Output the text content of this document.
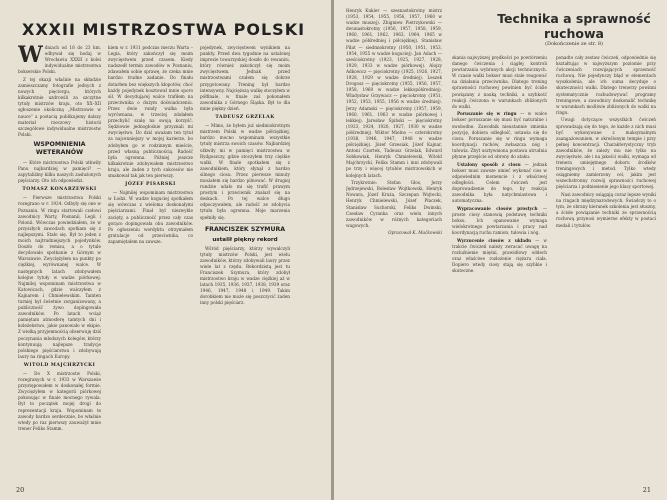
XXXII MISTRZOSTWA POLSKI

Wdniach od 18 do 23 km. odbywał się bodaj w Wrocławiu XXXII z kolei indywidualne mistrzostwa bokserskie Polski.

Z tej okazji właśnie na składzie zamieszczamy fotografie jednych z nowych pięciorgu, których kilkakrotnie uzdrowili za szczytne tytuły mistrzów kraju, oto XX–XII sgłoszenie okoliczną „Mistrzowie w nauce” a postacią publikujemy dalszy materiał rzeczowy historii szczegółowe indywidualne mistrzostw Polski.

WSPOMNIENIA WETERANÓW

— Które mistrzostwa Polski utkwiły Panu najbardziej w pamięci? — zapytaliśmy kilku naszych zasłużonych pięściarzy. Oto ich odpowiedzi.

TOMASZ KONARZEWSKI

— Pierwsze mistrzostwa Polski rozegrano w r. 1924. Odbyły się one w Poznaniu. W ringu startowali czołowi zawodnicy Warty, Posnanii, Legii i Polonii. Wówczas powiedziałem, że w przyszłych zawodach spotkam się z najlepszymi. Stało się. Był to jeden z moich najtrudniejszych pojedynków. Doszło do remisu, a o tytule decydowało spotkanie z Górnym w Warszawie. Zwyciężyłem na punkty po ciężkiej, wyrównanej walce. W następnych latach zdobywałem kolejne tytuły w wadze piórkowej. Najmilej wspominam mistrzostwa w Katowicach, gdzie walczyłem z Kajnarem i Chmielewskim. Tamten turniej był świetnie zorganizowany, a publiczność żywo dopingowała zawodników. Po latach wciąż pamiętam atmosferę tamtych dni i koleżeństwo, jakie panowało w ekipie. Z wielką przyjemnością obserwuję dziś poczynania młodszych kolegów, którzy kontynuują najlepsze tradycje polskiego pięściarstwa i zdobywają laury na ringach Europy.

WITOLD MAJCHRZYCKI

— Do X mistrzostw Polski, rozegranych w r. 1933 w Warszawie przystępowałem w doskonałej formie. Zwyciężyłem w kategorii piórkowej pokonując w finale mocnego rywala. Był to początek mojej drogi do reprezentacji kraju. Wspominam te zawody bardzo serdecznie, bo właśnie wtedy po raz pierwszy zauważył mnie trener Feliks Stamm.

kiem w r. 1931 podczas meczu Warta – Legia, który zakończył się moim zwycięstwem przed czasem. Kiedy nadszedł termin zawodów w Poznaniu, zdawałem sobie sprawę, że czeka mnie bardzo trudne zadanie. Do finału dotarłem bez większych kłopotów, choć każdy pojedynek kosztował mnie sporo sił. W decydującej walce trafiłem na przeciwnika o dużym doświadczeniu. Przez dwie rundy walka była wyrównana, w trzeciej zdołałem przechylić szalę na swoją korzyść. Sędziowie jednogłośnie przyznali mi zwycięstwo. Do dziś uważam ten tytuł za najcenniejszy w mojej karierze, bo zdobyłem go w rodzinnym mieście, przed własną publicznością. Radość była ogromna. Później jeszcze kilkakrotnie zdobywałem mistrzostwo kraju, ale żaden z tych sukcesów nie smakował tak jak ten pierwszy.

JÓZEF PISARSKI

— Najmilej wspominam mistrzostwa w Łodzi. W wadze koguciej spotkałem się wówczas z wieloma doskonałymi pięściarzami. Finał był niezwykle zacięty, a publiczność przez cały czas gorąco dopingowała obu zawodników. Po ogłoszeniu werdyktu otrzymałem gratulacje od przeciwnika, co zapamiętałem na zawsze.

pojedynek, zwycięstwem wynikiem na punkty. Przed dwa tygodnie na ustalonej imprezie towarzyskiej doszło do rewanżu, który również zakończył się moim zwycięstwem. Jednak przed mistrzostwami czułem się dobrze przygotowany. Trening był bardzo intensywny. Najcięższą walkę stoczyłem w półfinale, w finale zaś pokonałem zawodnika z Górnego Śląska. Był to dla mnie piękny dzień.

TADEUSZ GRZELAK

— Mimo, że byłem już siedmiokrotnym mistrzem Polski w wadze półciężkiej, bardzo mocno wspominam wszystkie tytuły mistrza swoich czasów. Najbardziej utkwiły mi w pamięci mistrzostwa w Bydgoszczy, gdzie stoczyłem trzy ciężkie walki. W finale spotkałem się z zawodnikiem, który słynął z bardzo silnego ciosu. Przez pierwsze minuty musiałem się bardzo pilnować. W drugiej rundzie udało mi się trafić prawym prostym i przeciwnik znalazł się na deskach. Po tej walce długo odpoczywałem, ale radość ze zdobycia tytułu była ogromna. Moje marzenia spełniły się.

FRANCISZEK SZYMURA
ustalił piękny rekord

Wśród pięściarzy, którzy wywalczyli tytuły mistrzów Polski, jest wielu zawodników, którzy zdobywali laury przez wiele lat z rzędu. Rekordzistą jest tu Franciszek Szymura, który zdobył mistrzostwo kraju w wadze ciężkiej aż w latach 1935, 1936, 1937, 1938, 1939 oraz 1946, 1947, 1948 i 1949. Takim dorobkiem nie może się poszczycić żaden inny polski pięściarz.

20
Technika a sprawność ruchowa
(Dokończenie ze str. 8)

Henryk Kukier — szesnastokrotny mistrz (1953, 1954, 1955, 1956, 1957, 1960 w wadze muszej). Zbigniew Pietrzykowski — dwunastokrotny (1956, 1957, 1958, 1959, 1960, 1961, 1962, 1963, 1964, 1965 w wadze półśredniej i półciężkiej). Stanisław Piłat — siedmiokrotny (1950, 1951, 1953, 1954, 1955 w wadze koguciej). Jan Adach — sześciokrotny (1923, 1925, 1927, 1928, 1929, 1933 w wadze piórkowej). Alojzy Adkowicz — pięciokrotny (1925, 1926, 1927, 1928, 1929 w wadze średniej). Leszek Drogosz — pięciokrotny (1955, 1956, 1957, 1958, 1960 w wadze lekkopółśredniej). Władysław Grzywacz — pięciokrotny (1951, 1952, 1953, 1955, 1956 w wadze średniej). Jerzy Adamski — pięciokrotny (1957, 1959, 1960, 1961, 1963 w wadze piórkowej i lekkiej). Jarosław Śpiński — pięciokrotny (1923, 1924, 1926, 1927, 1930 w wadze półśredniej). Wiktor Mielno — czterokrotny (1938, 1946, 1947, 1948 w wadze półciężkiej). Józef Grzesiak, Józef Kajnar, Antoni Czortek, Tadeusz Grzelak, Edward Sobkowiak, Henryk Chmielewski, Witold Majchrzycki, Feliks Stamm i inni zdobywali po trzy i więcej tytułów mistrzowskich w kolejnych latach.

Trzykrotnie: Stefan Głos, Jerzy Jędrzejewski, Bolesław Wojtkowski, Henryk Nowara, Józef Kruża, Szczepan Wojtecki, Henryk Chmielewski, Józef Płaczek, Stanisław Suchorski, Feliks Dwinski, Czesław Cyranka oraz wielu innych zawodników w różnych kategoriach wagowych.

Opracował K. Maćkowski

skania najwyższej prędkości po powtórzeniu danego ćwiczenia i ciągłej kontroli powtarzania wybranych akcji technicznych. W czasie walki bokser musi stale reagować na działania przeciwnika. Dlatego trening sprawności ruchowej powinien być ściśle powiązany z nauką techniki, a szybkość reakcji ćwiczona w warunkach zbliżonych do walki.

Poruszanie się w ringu — w walce bokser poruszanie się musi być naturalne i swobodne. Zawodnik nieustannie zmienia pozycję, dobiera odległość, ustawia się do ciosu. Poruszanie się w ringu wymaga koordynacji ruchów, zwłaszcza nóg i tułowia. Zbyt usztywniona postawa utrudnia płynne przejście od obrony do ataku.

Ustalony sposób z ciosu — jednak bokser musi zawsze umieć wykonać cios w odpowiednim momencie i z właściwej odległości. Celem ćwiczeń jest doprowadzenie do tego, by reakcja zawodnika była natychmiastowa i automatyczna.

Wypracowanie ciosów prostych — proste ciosy stanowią podstawę techniki boksu. Ich opanowanie wymaga wielokrotnego powtarzania i pracy nad koordynacją ruchu ramion, tułowia i nóg.

Wyrzucenie ciosów z układu — w trakcie ćwiczeń należy zwracać uwagę na rozluźnienie mięśni, prawidłowy oddech oraz właściwe rozłożenie ciężaru ciała. Dopiero wtedy ciosy stają się szybkie i skuteczne.

ponadto cały zestaw ćwiczeń, odpowiednio się kształtując w najwyższym poziomie przy ćwiczeniach rozwijających sprawność ruchową. Nie pojedynczy błąd w elementach wyszkolenia, ale ich suma decyduje o skuteczności walki. Dlatego trenerzy powinni systematycznie rozbudowywać programy treningowe, a zawodnicy doskonalić technikę w warunkach możliwie zbliżonych do walki na ringu.

Uwagi dotyczące wszystkich ćwiczeń sprowadzają się do tego, że każde z nich musi być wykonywane z maksymalnym zaangażowaniem, w określonym tempie i przy pełnej koncentracji. Charakterystyczny tryb zawodników, że zależy mu nie tylko na zwycięstwie, ale i na jakości walki, wymaga od trenera umiejętnego doboru środków treningowych i metod. Tylko wtedy osiągniemy zamierzony cel, jakim jest wszechstronny rozwój sprawności ruchowej pięściarza i podniesienie jego klasy sportowej.

Nasi zawodnicy osiągają coraz lepsze wyniki na ringach międzynarodowych. Świadczy to o tym, że obrany kierunek szkolenia jest słuszny, a ścisłe powiązanie techniki ze sprawnością ruchową przynosi wymierne efekty w postaci medali i tytułów.

21
